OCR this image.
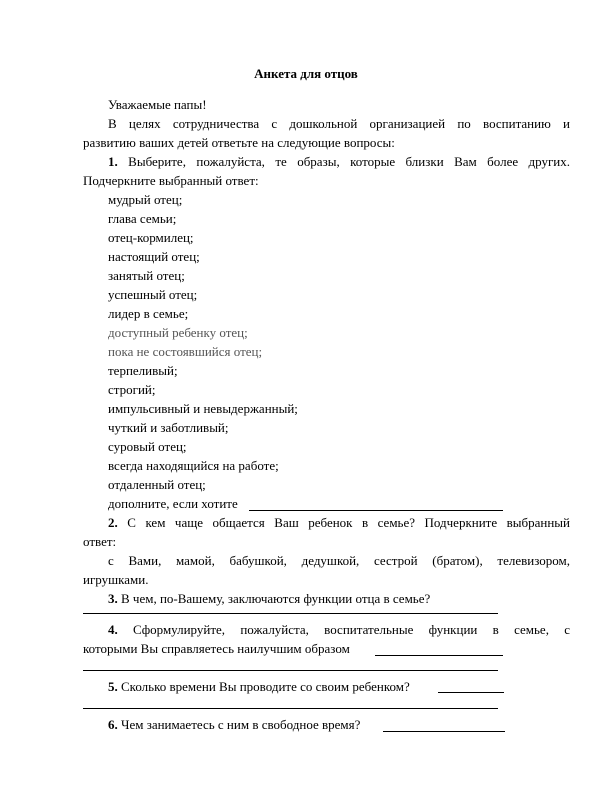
Анкета для отцов
Уважаемые папы!
В целях сотрудничества с дошкольной организацией по воспитанию и
развитию ваших детей ответьте на следующие вопросы:
1. Выберите, пожалуйста, те образы, которые близки Вам более других.
Подчеркните выбранный ответ:
мудрый отец;
глава семьи;
отец-кормилец;
настоящий отец;
занятый отец;
успешный отец;
лидер в семье;
доступный ребенку отец;
пока не состоявшийся отец;
терпеливый;
строгий;
импульсивный и невыдержанный;
чуткий и заботливый;
суровый отец;
всегда находящийся на работе;
отдаленный отец;
дополните, если хотите
2. С кем чаще общается Ваш ребенок в семье? Подчеркните выбранный
ответ:
с Вами, мамой, бабушкой, дедушкой, сестрой (братом), телевизором,
игрушками.
3. В чем, по-Вашему, заключаются функции отца в семье?
4. Сформулируйте, пожалуйста, воспитательные функции в семье, с
которыми Вы справляетесь наилучшим образом
5. Сколько времени Вы проводите со своим ребенком?
6. Чем занимаетесь с ним в свободное время?
